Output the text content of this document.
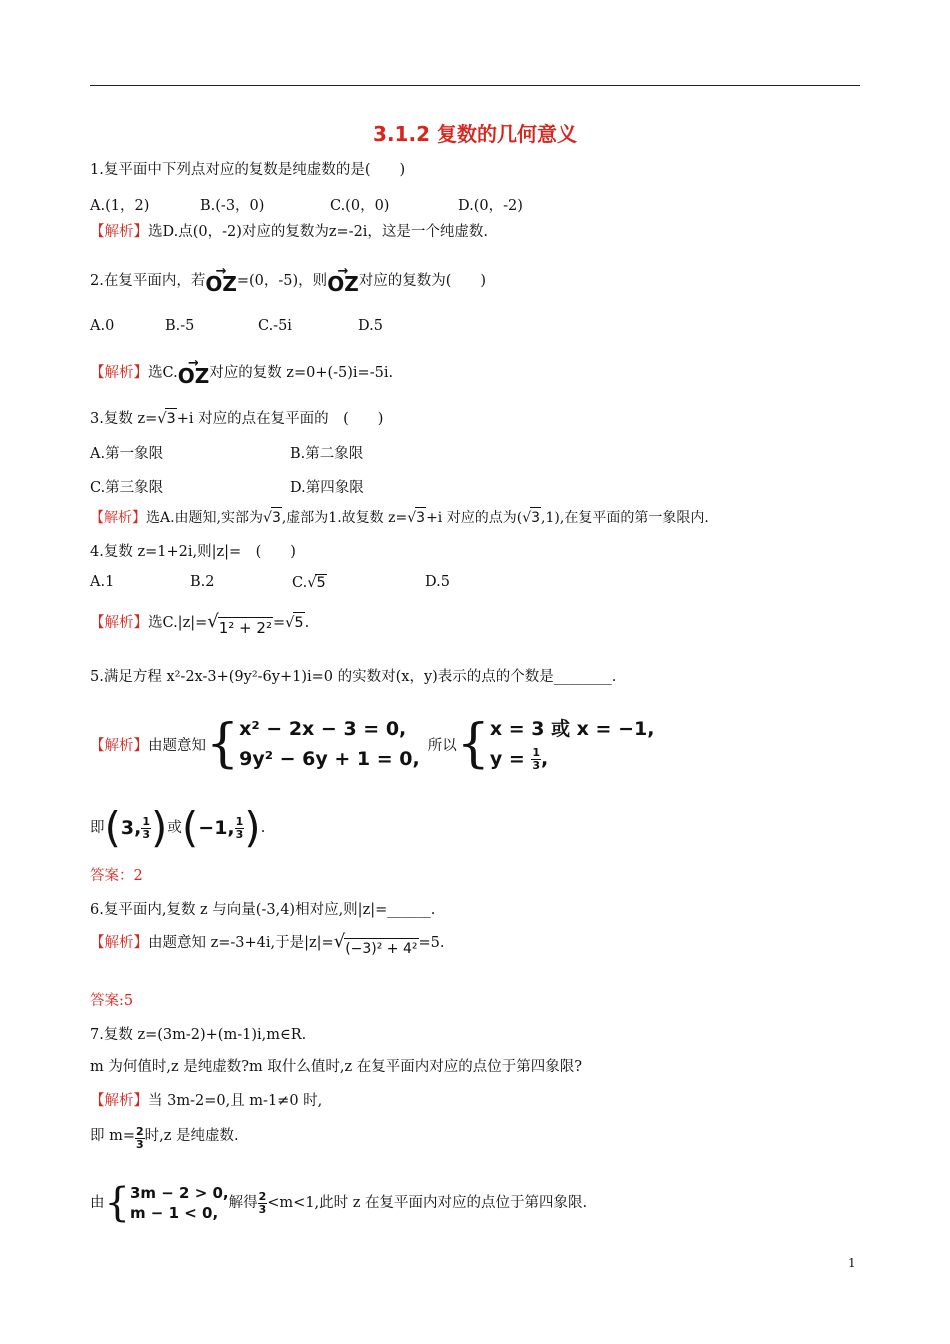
3.1.2 复数的几何意义
1.复平面中下列点对应的复数是纯虚数的是(　　)
A.(1，2)	B.(-3，0)	C.(0，0)	D.(0，-2)
【解析】选D.点(0，-2)对应的复数为z=-2i，这是一个纯虚数.
2.在复平面内，若→ OZ=(0，-5)，则→ OZ对应的复数为(　　)
A.0	B.-5	C.-5i	D.5
【解析】选C.→ OZ对应的复数 z=0+(-5)i=-5i.
3.复数 z=√3+i 对应的点在复平面的　(　　)
A.第一象限	B.第二象限
C.第三象限	D.第四象限
【解析】选A.由题知,实部为√3,虚部为1.故复数 z=√3+i 对应的点为(√3,1),在复平面的第一象限内.
4.复数 z=1+2i,则|z|=　(　　)
A.1	B.2	C.√5	D.5
【解析】选C.|z|=√1² + 2²=√5.
5.满足方程 x²-2x-3+(9y²-6y+1)i=0 的实数对(x，y)表示的点的个数是________.
【解析】 由题意知 { x² − 2x − 3 = 0,
9y² − 6y + 1 = 0,
所以 { x = 3 或 x = −1,
$y = \frac{1}{3}$ ,
即 ( 3, $\frac{1}{3}$ ) 或 ( −1, $\frac{1}{3}$ ) .
答案：2
6.复平面内,复数 z 与向量(-3,4)相对应,则|z|=______.
【解析】由题意知 z=-3+4i,于是|z|=√(−3)² + 4²=5.
答案:5
7.复数 z=(3m-2)+(m-1)i,m∈R.
m 为何值时,z 是纯虚数?m 取什么值时,z 在复平面内对应的点位于第四象限?
【解析】当 3m-2=0,且 m-1≠0 时,
即 $m= \frac{2}{3}$ 时,z 是纯虚数.
由 { 3m − 2 > 0,
m − 1 < 0,
解得 $\frac{2}{3} <m<1$,此时 z 在复平面内对应的点位于第四象限.
1
